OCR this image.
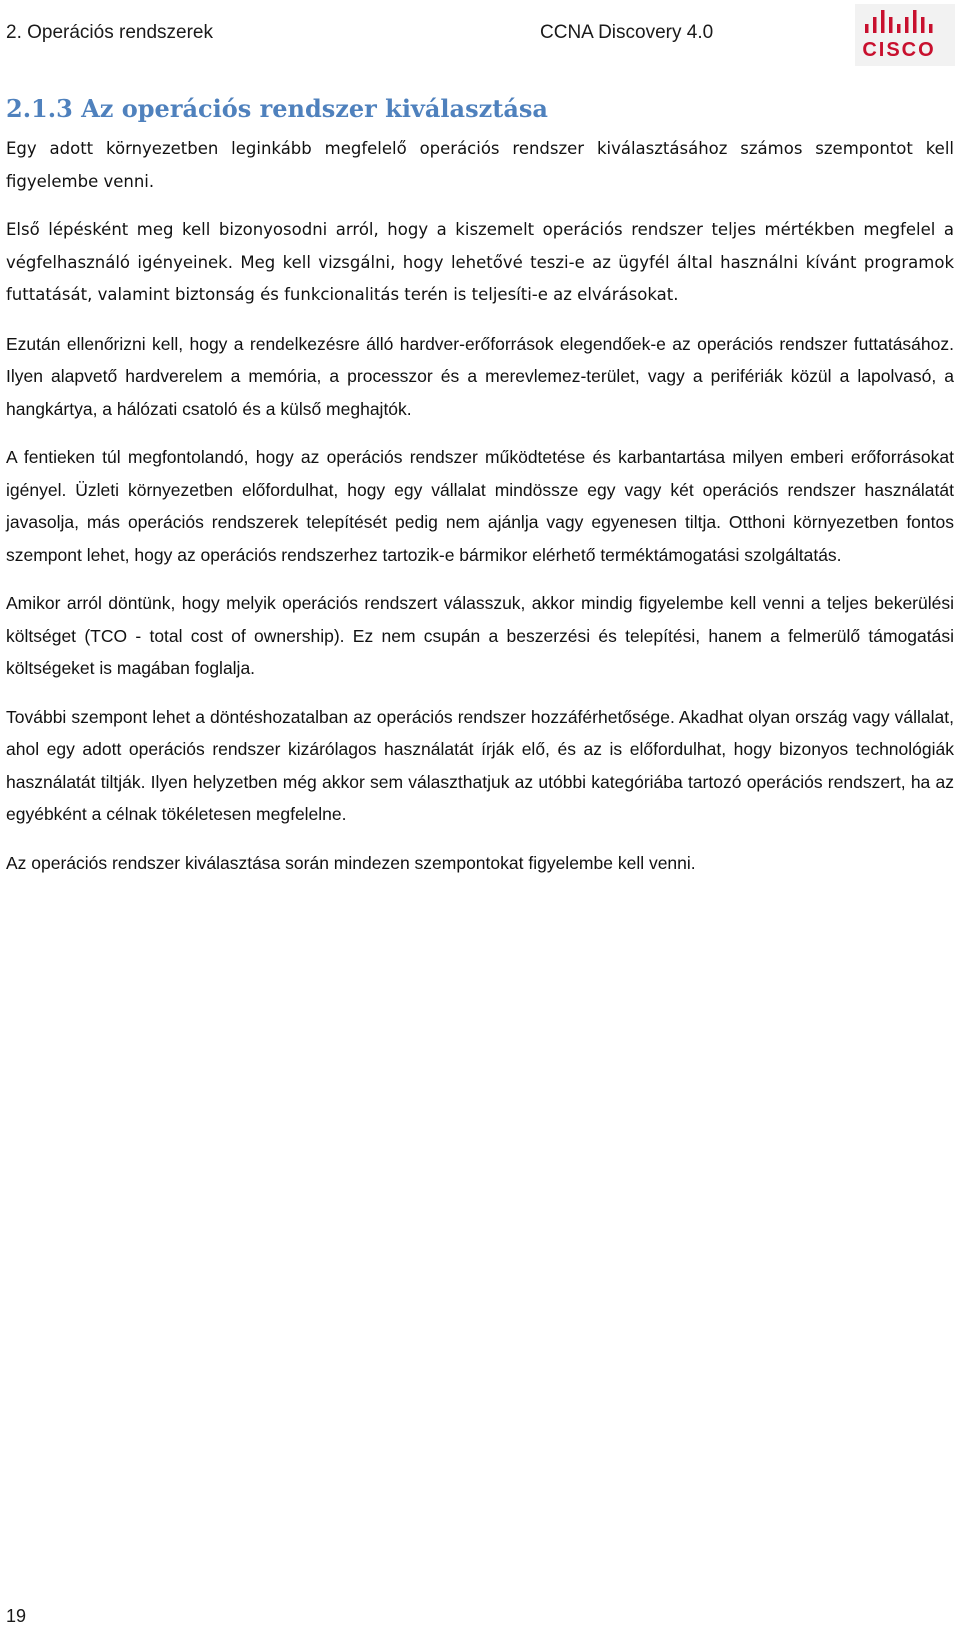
2. Operációs rendszerek	CCNA Discovery 4.0
CISCO
2.1.3 Az operációs rendszer kiválasztása

Egy adott környezetben leginkább megfelelő operációs rendszer kiválasztásához számos szempontot kell figyelembe venni.

Első lépésként meg kell bizonyosodni arról, hogy a kiszemelt operációs rendszer teljes mértékben megfelel a végfelhasználó igényeinek. Meg kell vizsgálni, hogy lehetővé teszi-e az ügyfél által használni kívánt programok futtatását, valamint biztonság és funkcionalitás terén is teljesíti-e az elvárásokat.

Ezután ellenőrizni kell, hogy a rendelkezésre álló hardver-erőforrások elegendőek-e az operációs rendszer futtatásához. Ilyen alapvető hardverelem a memória, a processzor és a merevlemez-terület, vagy a perifériák közül a lapolvasó, a hangkártya, a hálózati csatoló és a külső meghajtók.

A fentieken túl megfontolandó, hogy az operációs rendszer működtetése és karbantartása milyen emberi erőforrásokat igényel. Üzleti környezetben előfordulhat, hogy egy vállalat mindössze egy vagy két operációs rendszer használatát javasolja, más operációs rendszerek telepítését pedig nem ajánlja vagy egyenesen tiltja. Otthoni környezetben fontos szempont lehet, hogy az operációs rendszerhez tartozik-e bármikor elérhető terméktámogatási szolgáltatás.

Amikor arról döntünk, hogy melyik operációs rendszert válasszuk, akkor mindig figyelembe kell venni a teljes bekerülési költséget (TCO - total cost of ownership). Ez nem csupán a beszerzési és telepítési, hanem a felmerülő támogatási költségeket is magában foglalja.

További szempont lehet a döntéshozatalban az operációs rendszer hozzáférhetősége. Akadhat olyan ország vagy vállalat, ahol egy adott operációs rendszer kizárólagos használatát írják elő, és az is előfordulhat, hogy bizonyos technológiák használatát tiltják. Ilyen helyzetben még akkor sem választhatjuk az utóbbi kategóriába tartozó operációs rendszert, ha az egyébként a célnak tökéletesen megfelelne.

Az operációs rendszer kiválasztása során mindezen szempontokat figyelembe kell venni.

19
